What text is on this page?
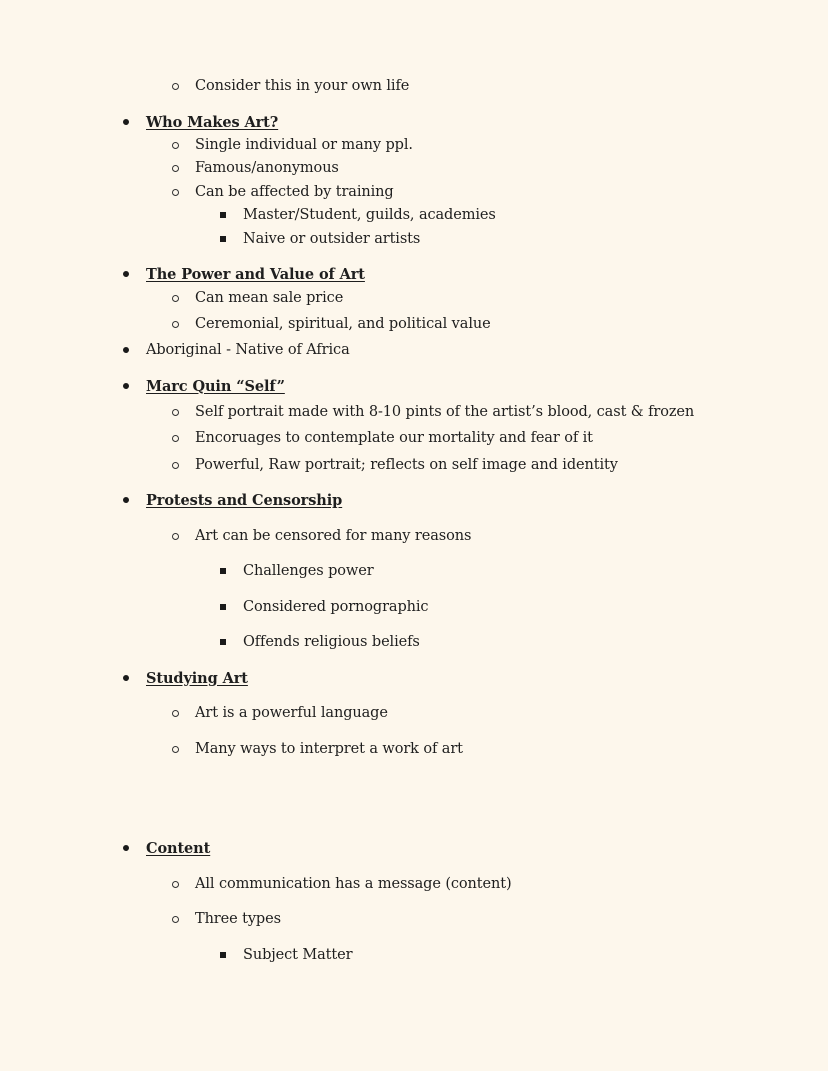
Consider this in your own life
Who Makes Art?
Single individual or many ppl.
Famous/anonymous
Can be affected by training
Master/Student, guilds, academies
Naive or outsider artists
The Power and Value of Art
Can mean sale price
Ceremonial, spiritual, and political value
Aboriginal - Native of Africa
Marc Quin “Self”
Self portrait made with 8-10 pints of the artist’s blood, cast & frozen
Encoruages to contemplate our mortality and fear of it
Powerful, Raw portrait; reflects on self image and identity
Protests and Censorship
Art can be censored for many reasons
Challenges power
Considered pornographic
Offends religious beliefs
Studying Art
Art is a powerful language
Many ways to interpret a work of art
Content
All communication has a message (content)
Three types
Subject Matter
